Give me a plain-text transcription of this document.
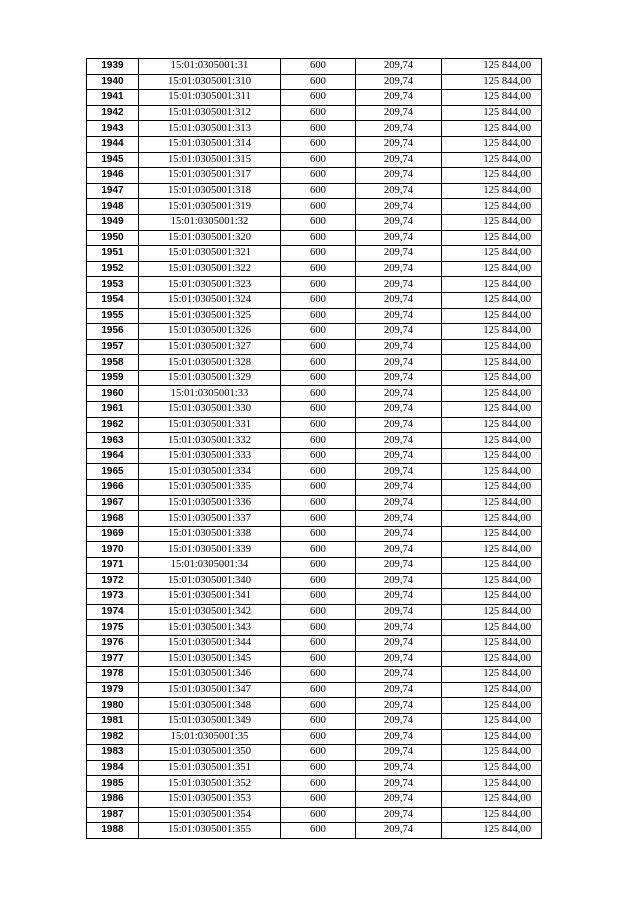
1939	15:01:0305001:31	600	209,74	125 844,00
1940	15:01:0305001:310	600	209,74	125 844,00
1941	15:01:0305001:311	600	209,74	125 844,00
1942	15:01:0305001:312	600	209,74	125 844,00
1943	15:01:0305001:313	600	209,74	125 844,00
1944	15:01:0305001:314	600	209,74	125 844,00
1945	15:01:0305001:315	600	209,74	125 844,00
1946	15:01:0305001:317	600	209,74	125 844,00
1947	15:01:0305001:318	600	209,74	125 844,00
1948	15:01:0305001:319	600	209,74	125 844,00
1949	15:01:0305001:32	600	209,74	125 844,00
1950	15:01:0305001:320	600	209,74	125 844,00
1951	15:01:0305001:321	600	209,74	125 844,00
1952	15:01:0305001:322	600	209,74	125 844,00
1953	15:01:0305001:323	600	209,74	125 844,00
1954	15:01:0305001:324	600	209,74	125 844,00
1955	15:01:0305001:325	600	209,74	125 844,00
1956	15:01:0305001:326	600	209,74	125 844,00
1957	15:01:0305001:327	600	209,74	125 844,00
1958	15:01:0305001:328	600	209,74	125 844,00
1959	15:01:0305001:329	600	209,74	125 844,00
1960	15:01:0305001:33	600	209,74	125 844,00
1961	15:01:0305001:330	600	209,74	125 844,00
1962	15:01:0305001:331	600	209,74	125 844,00
1963	15:01:0305001:332	600	209,74	125 844,00
1964	15:01:0305001:333	600	209,74	125 844,00
1965	15:01:0305001:334	600	209,74	125 844,00
1966	15:01:0305001:335	600	209,74	125 844,00
1967	15:01:0305001:336	600	209,74	125 844,00
1968	15:01:0305001:337	600	209,74	125 844,00
1969	15:01:0305001:338	600	209,74	125 844,00
1970	15:01:0305001:339	600	209,74	125 844,00
1971	15:01:0305001:34	600	209,74	125 844,00
1972	15:01:0305001:340	600	209,74	125 844,00
1973	15:01:0305001:341	600	209,74	125 844,00
1974	15:01:0305001:342	600	209,74	125 844,00
1975	15:01:0305001:343	600	209,74	125 844,00
1976	15:01:0305001:344	600	209,74	125 844,00
1977	15:01:0305001:345	600	209,74	125 844,00
1978	15:01:0305001:346	600	209,74	125 844,00
1979	15:01:0305001:347	600	209,74	125 844,00
1980	15:01:0305001:348	600	209,74	125 844,00
1981	15:01:0305001:349	600	209,74	125 844,00
1982	15:01:0305001:35	600	209,74	125 844,00
1983	15:01:0305001:350	600	209,74	125 844,00
1984	15:01:0305001:351	600	209,74	125 844,00
1985	15:01:0305001:352	600	209,74	125 844,00
1986	15:01:0305001:353	600	209,74	125 844,00
1987	15:01:0305001:354	600	209,74	125 844,00
1988	15:01:0305001:355	600	209,74	125 844,00
